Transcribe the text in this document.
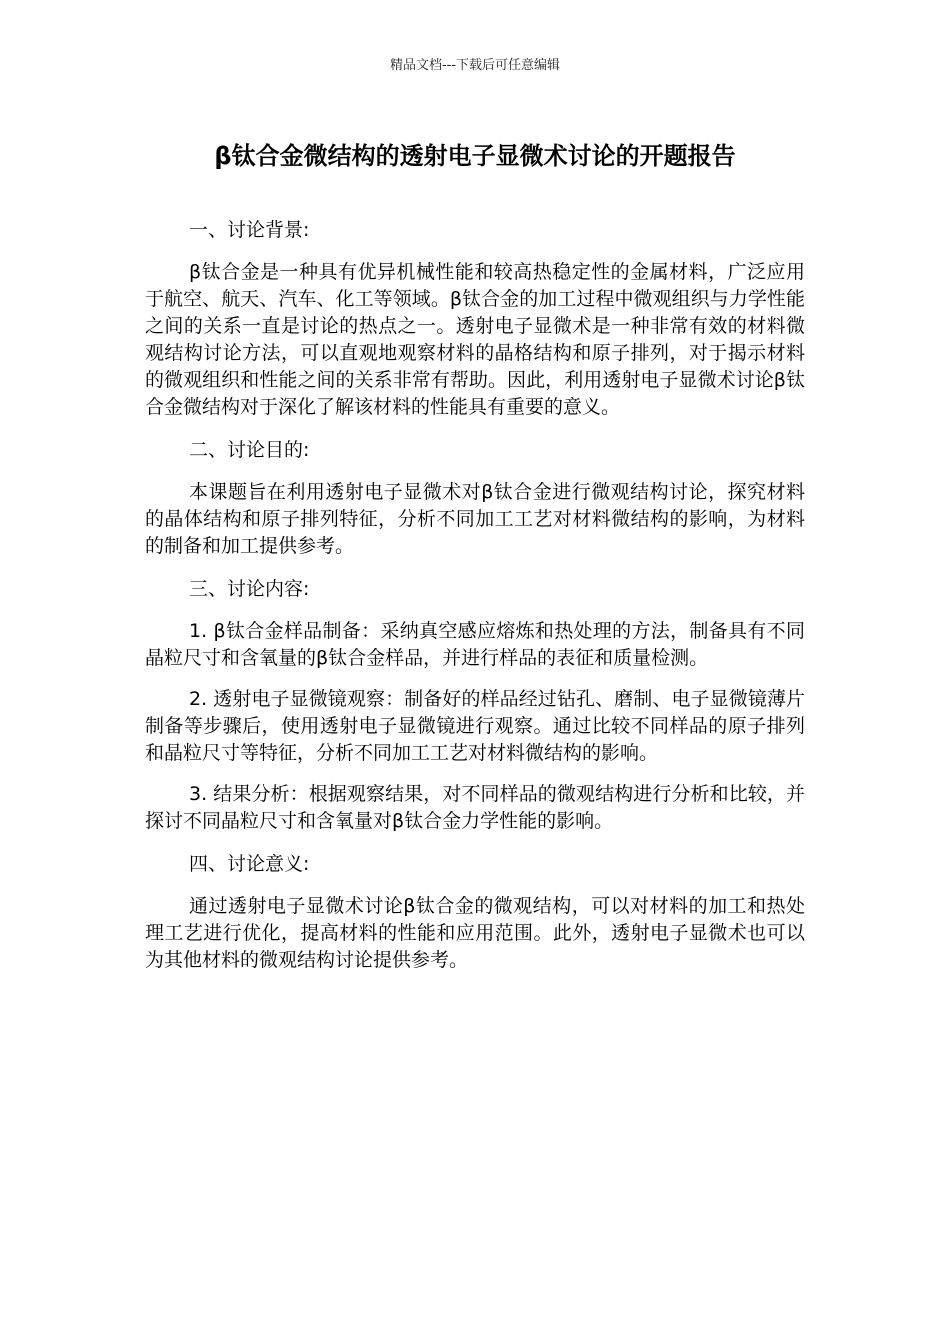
精品文档---下载后可任意编辑
β钛合金微结构的透射电子显微术讨论的开题报告

一、讨论背景:

β钛合金是一种具有优异机械性能和较高热稳定性的金属材料，广泛应用于航空、航天、汽车、化工等领域。β钛合金的加工过程中微观组织与力学性能之间的关系一直是讨论的热点之一。透射电子显微术是一种非常有效的材料微观结构讨论方法，可以直观地观察材料的晶格结构和原子排列，对于揭示材料的微观组织和性能之间的关系非常有帮助。因此，利用透射电子显微术讨论β钛合金微结构对于深化了解该材料的性能具有重要的意义。

二、讨论目的:

本课题旨在利用透射电子显微术对β钛合金进行微观结构讨论，探究材料的晶体结构和原子排列特征，分析不同加工工艺对材料微结构的影响，为材料的制备和加工提供参考。

三、讨论内容:

1. β钛合金样品制备：采纳真空感应熔炼和热处理的方法，制备具有不同晶粒尺寸和含氧量的β钛合金样品，并进行样品的表征和质量检测。

2. 透射电子显微镜观察：制备好的样品经过钻孔、磨制、电子显微镜薄片制备等步骤后，使用透射电子显微镜进行观察。通过比较不同样品的原子排列和晶粒尺寸等特征，分析不同加工工艺对材料微结构的影响。

3. 结果分析：根据观察结果，对不同样品的微观结构进行分析和比较，并探讨不同晶粒尺寸和含氧量对β钛合金力学性能的影响。

四、讨论意义:

通过透射电子显微术讨论β钛合金的微观结构，可以对材料的加工和热处理工艺进行优化，提高材料的性能和应用范围。此外，透射电子显微术也可以为其他材料的微观结构讨论提供参考。
